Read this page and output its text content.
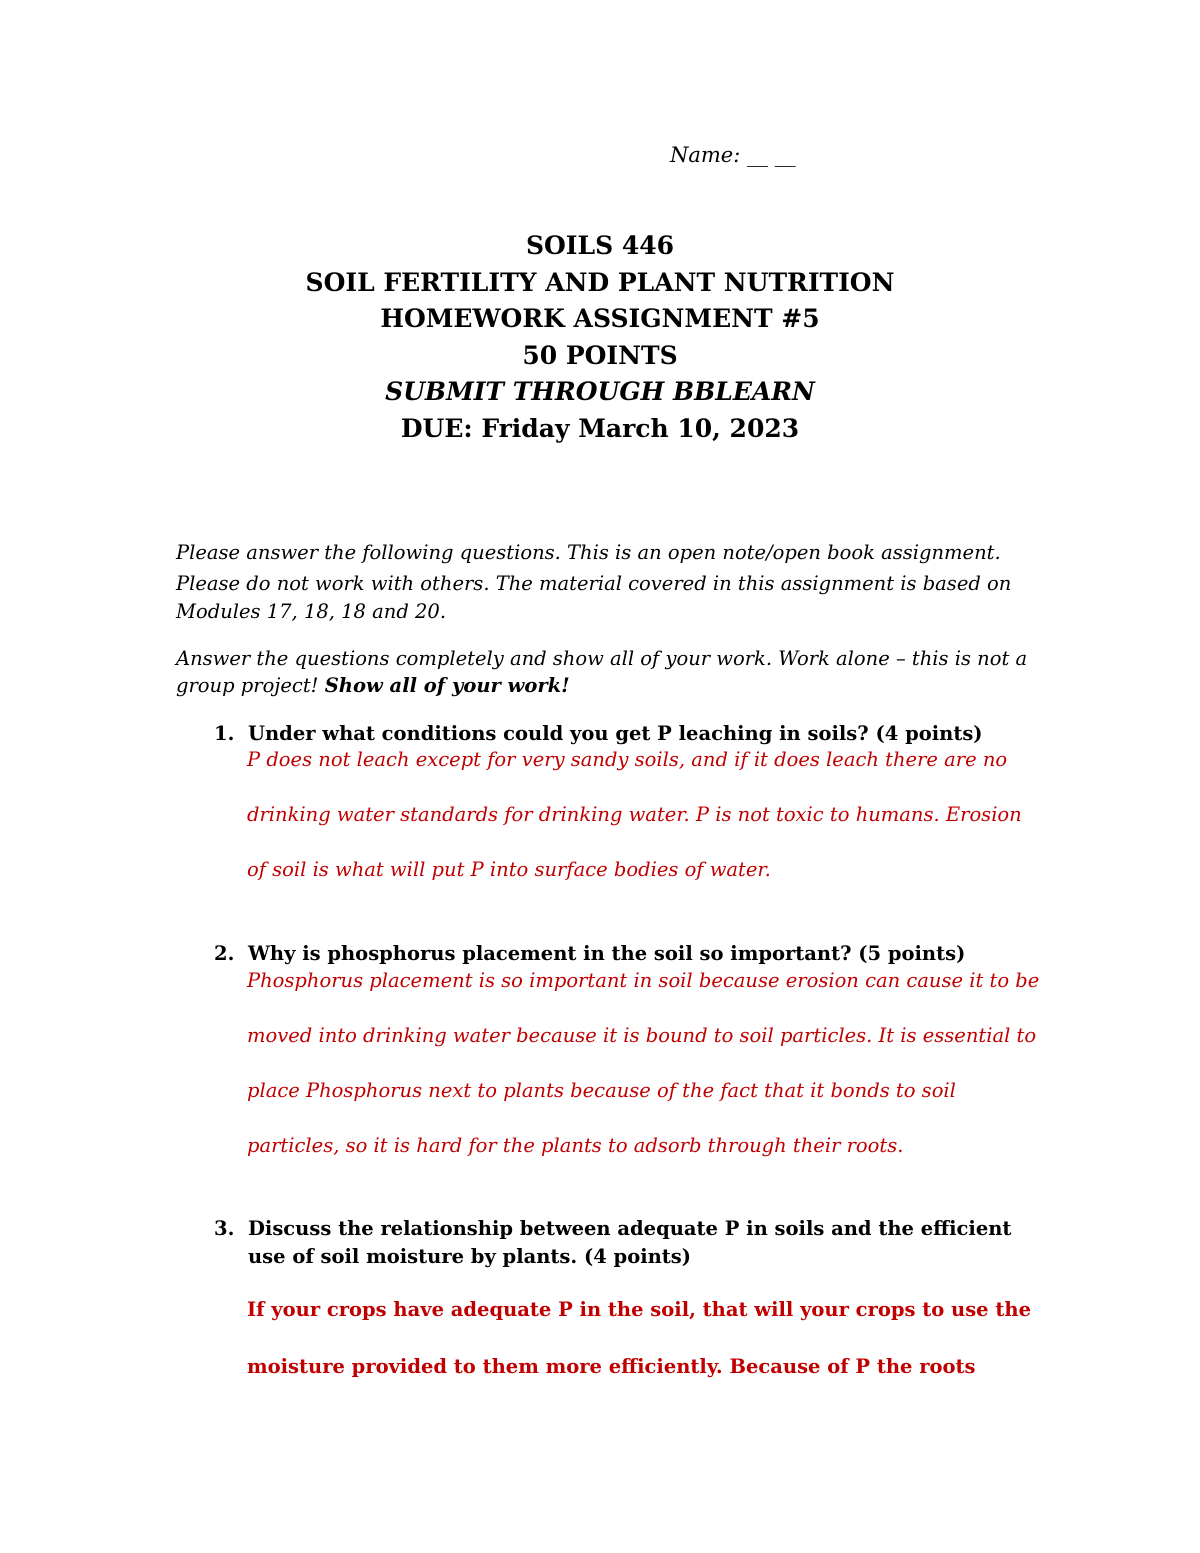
Name: __ __
SOILS 446
SOIL FERTILITY AND PLANT NUTRITION
HOMEWORK ASSIGNMENT #5
50 POINTS
SUBMIT THROUGH BBLEARN
DUE: Friday March 10, 2023
Please answer the following questions. This is an open note/open book assignment.
Please do not work with others. The material covered in this assignment is based on
Modules 17, 18, 18 and 20.
Answer the questions completely and show all of your work. Work alone – this is not a
group project! Show all of your work!
1. Under what conditions could you get P leaching in soils? (4 points)
P does not leach except for very sandy soils, and if it does leach there are no
drinking water standards for drinking water. P is not toxic to humans. Erosion
of soil is what will put P into surface bodies of water.
2. Why is phosphorus placement in the soil so important? (5 points)
Phosphorus placement is so important in soil because erosion can cause it to be
moved into drinking water because it is bound to soil particles. It is essential to
place Phosphorus next to plants because of the fact that it bonds to soil
particles, so it is hard for the plants to adsorb through their roots.
3. Discuss the relationship between adequate P in soils and the efficient
use of soil moisture by plants. (4 points)
If your crops have adequate P in the soil, that will your crops to use the
moisture provided to them more efficiently. Because of P the roots
